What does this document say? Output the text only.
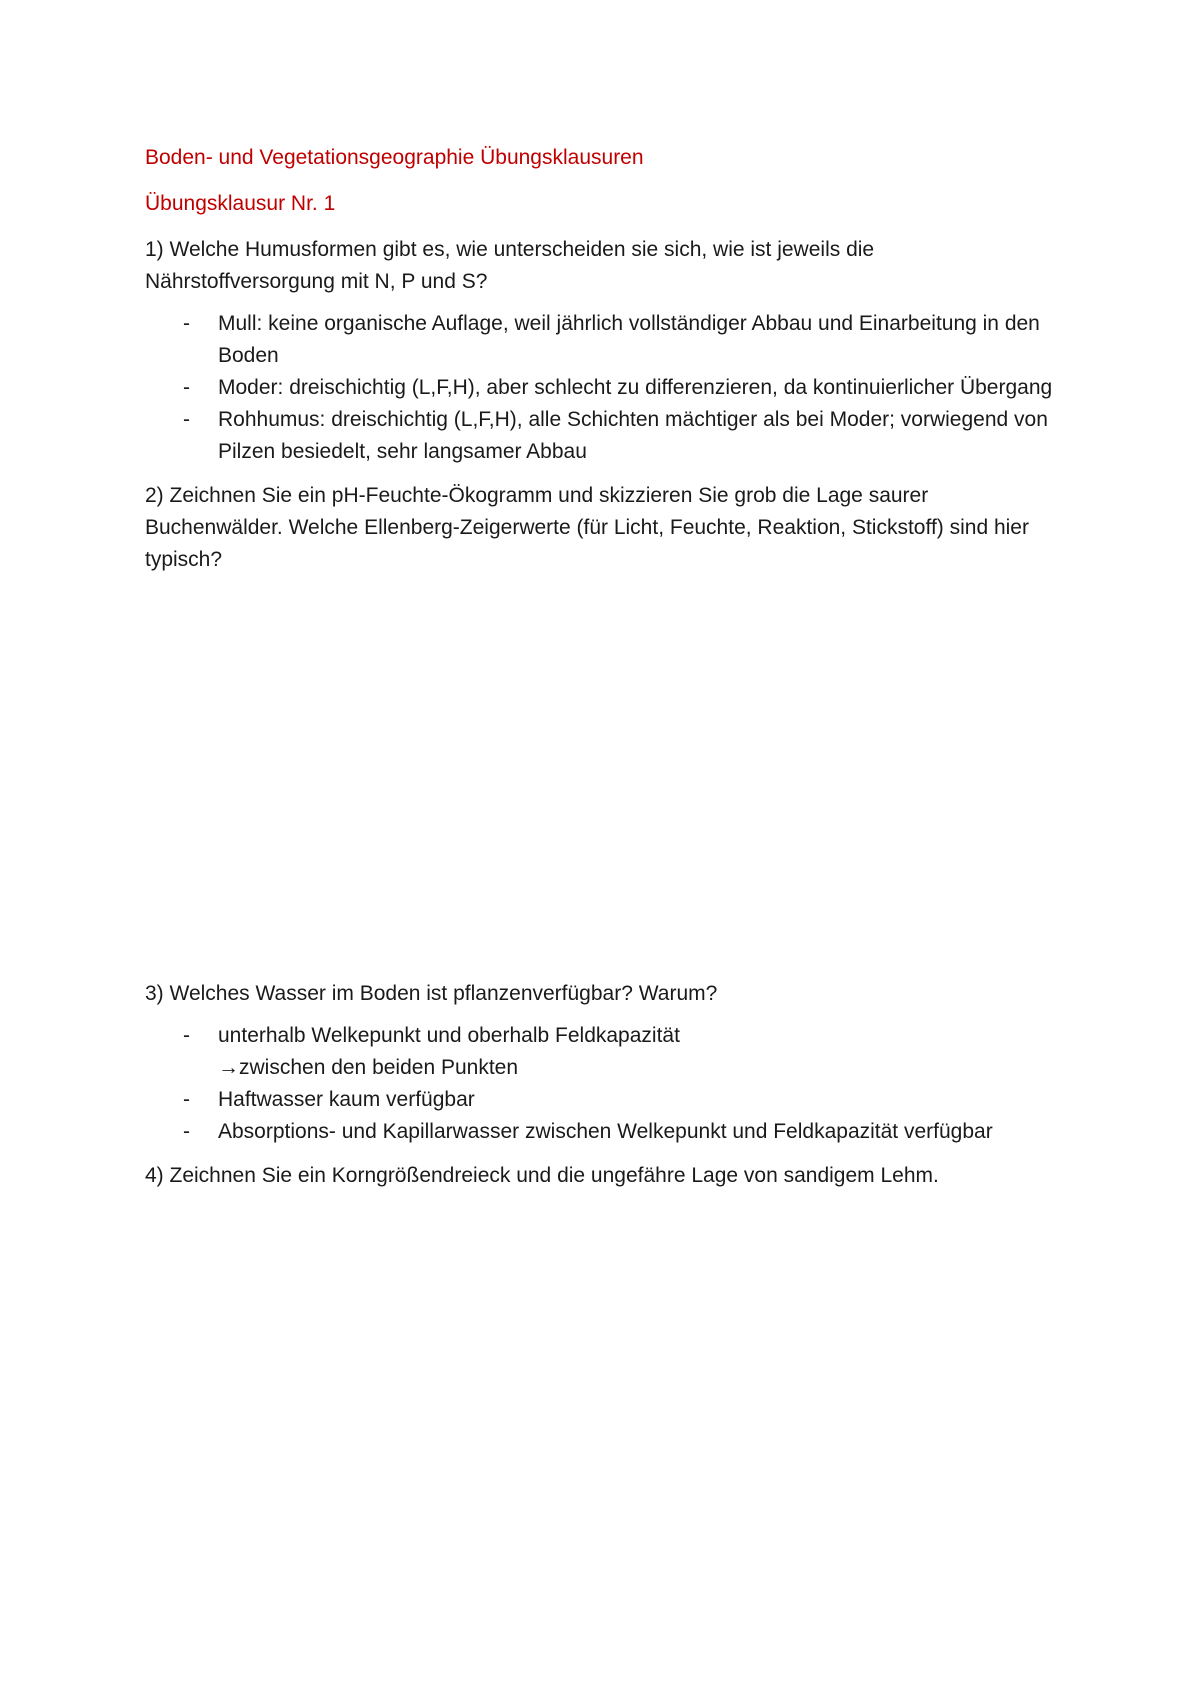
Boden- und Vegetationsgeographie Übungsklausuren
Übungsklausur Nr. 1
1) Welche Humusformen gibt es, wie unterscheiden sie sich, wie ist jeweils die Nährstoffversorgung mit N, P und S?
- Mull: keine organische Auflage, weil jährlich vollständiger Abbau und Einarbeitung in den Boden
- Moder: dreischichtig (L,F,H), aber schlecht zu differenzieren, da kontinuierlicher Übergang
- Rohhumus: dreischichtig (L,F,H), alle Schichten mächtiger als bei Moder; vorwiegend von Pilzen besiedelt, sehr langsamer Abbau
2) Zeichnen Sie ein pH-Feuchte-Ökogramm und skizzieren Sie grob die Lage saurer Buchenwälder. Welche Ellenberg-Zeigerwerte (für Licht, Feuchte, Reaktion, Stickstoff) sind hier typisch?
3) Welches Wasser im Boden ist pflanzenverfügbar? Warum?
- unterhalb Welkepunkt und oberhalb Feldkapazität
→zwischen den beiden Punkten
- Haftwasser kaum verfügbar
- Absorptions- und Kapillarwasser zwischen Welkepunkt und Feldkapazität verfügbar
4) Zeichnen Sie ein Korngrößendreieck und die ungefähre Lage von sandigem Lehm.
